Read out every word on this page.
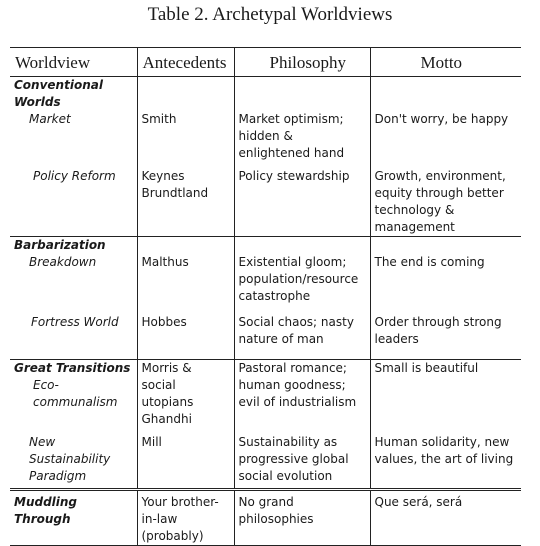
Table 2. Archetypal Worldviews
Worldview	Antecedents	Philosophy	Motto
Conventional Worlds			
Market	Smith	Market optimism; hidden & enlightened hand	Don't worry, be happy
Policy Reform	Keynes Brundtland	Policy stewardship	Growth, environment, equity through better technology & management
Barbarization			
Breakdown	Malthus	Existential gloom; population/resource catastrophe	The end is coming
Fortress World	Hobbes	Social chaos; nasty nature of man	Order through strong leaders

Great Transitions
Eco-communalism	Morris & social utopians Ghandhi	Pastoral romance; human goodness; evil of industrialism	Small is beautiful
New Sustainability Paradigm	Mill	Sustainability as progressive global social evolution	Human solidarity, new values, the art of living
Muddling Through	Your brother-in-law (probably)	No grand philosophies	Que será, será
